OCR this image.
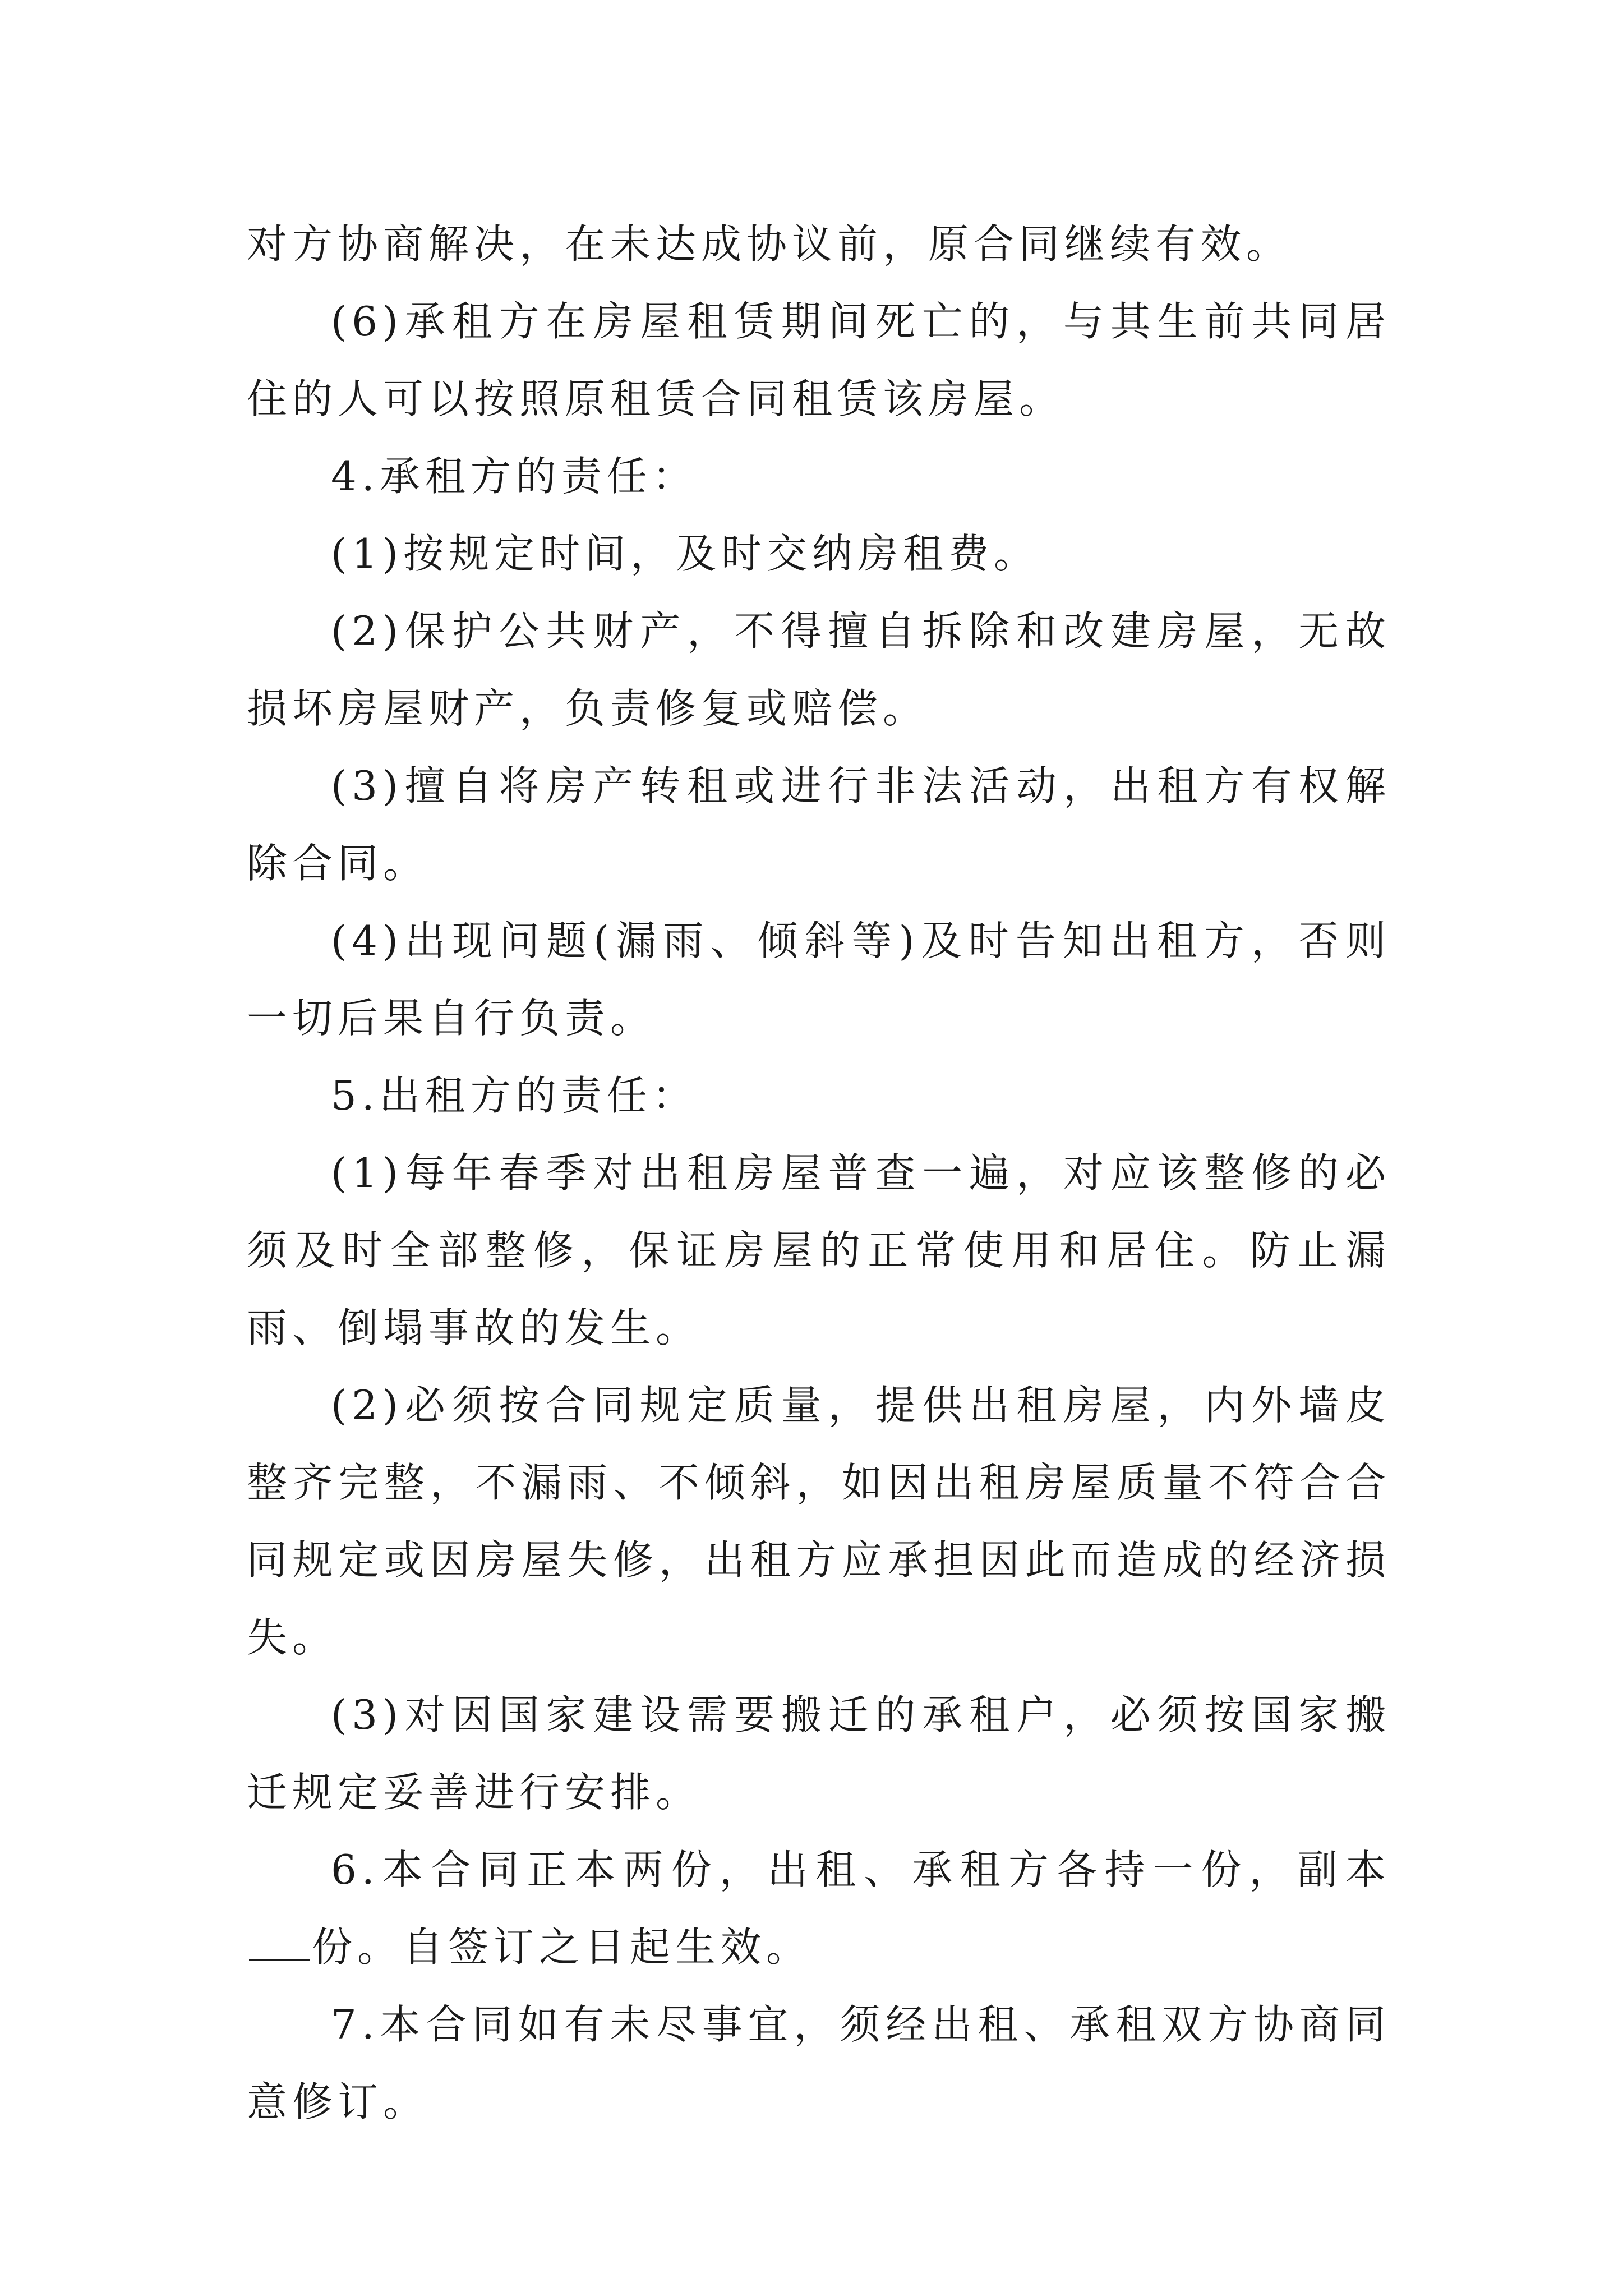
对方协商解决，在未达成协议前，原合同继续有效。

(6)承租方在房屋租赁期间死亡的，与其生前共同居住的人可以按照原租赁合同租赁该房屋。

4.承租方的责任：

(1)按规定时间，及时交纳房租费。

(2)保护公共财产，不得擅自拆除和改建房屋，无故损坏房屋财产，负责修复或赔偿。

(3)擅自将房产转租或进行非法活动，出租方有权解除合同。

(4)出现问题(漏雨、倾斜等)及时告知出租方，否则一切后果自行负责。

5.出租方的责任：

(1)每年春季对出租房屋普查一遍，对应该整修的必须及时全部整修，保证房屋的正常使用和居住。防止漏雨、倒塌事故的发生。

(2)必须按合同规定质量，提供出租房屋，内外墙皮整齐完整，不漏雨、不倾斜，如因出租房屋质量不符合合同规定或因房屋失修，出租方应承担因此而造成的经济损失。

(3)对因国家建设需要搬迁的承租户，必须按国家搬迁规定妥善进行安排。

6.本合同正本两份，出租、承租方各持一份，副本份。自签订之日起生效。

7.本合同如有未尽事宜，须经出租、承租双方协商同意修订。
